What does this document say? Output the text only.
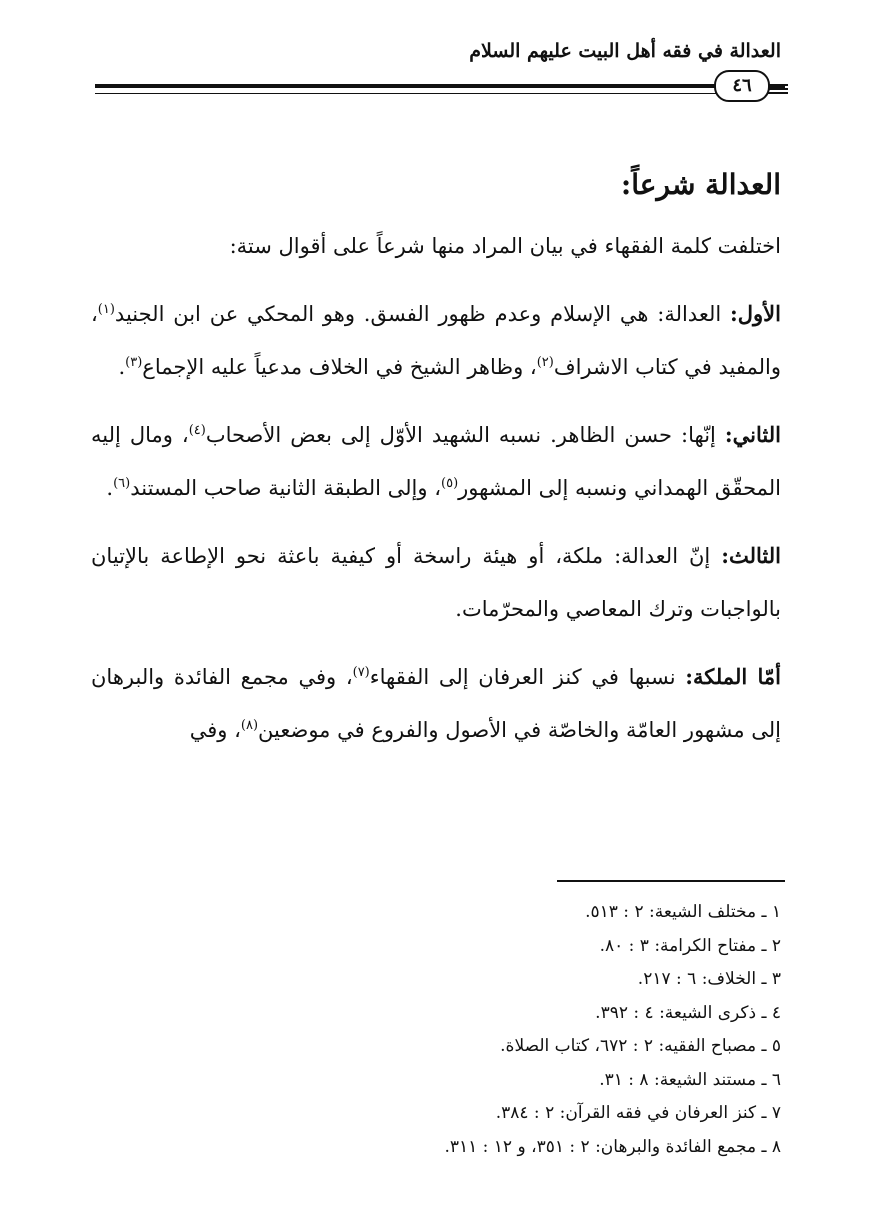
العدالة في فقه أهل البيت عليهم السلام
٤٦
العدالة شرعاً:

اختلفت كلمة الفقهاء في بيان المراد منها شرعاً على أقوال ستة:

الأول: العدالة: هي الإسلام وعدم ظهور الفسق. وهو المحكي عن ابن الجنيد$^{(١)}$، والمفيد في كتاب الاشراف$^{(٢)}$، وظاهر الشيخ في الخلاف مدعياً عليه الإجماع$^{(٣)}$.

الثاني: إنّها: حسن الظاهر. نسبه الشهيد الأوّل إلى بعض الأصحاب$^{(٤)}$، ومال إليه المحقّق الهمداني ونسبه إلى المشهور$^{(٥)}$، وإلى الطبقة الثانية صاحب المستند$^{(٦)}$.

الثالث: إنّ العدالة: ملكة، أو هيئة راسخة أو كيفية باعثة نحو الإطاعة بالإتيان بالواجبات وترك المعاصي والمحرّمات.

أمّا الملكة: نسبها في كنز العرفان إلى الفقهاء$^{(٧)}$، وفي مجمع الفائدة والبرهان إلى مشهور العامّة والخاصّة في الأصول والفروع في موضعين$^{(٨)}$، وفي

١ ـ مختلف الشيعة: ٢ : ٥١٣.
٢ ـ مفتاح الكرامة: ٣ : ٨٠.
٣ ـ الخلاف: ٦ : ٢١٧.
٤ ـ ذكرى الشيعة: ٤ : ٣٩٢.
٥ ـ مصباح الفقيه: ٢ : ٦٧٢، كتاب الصلاة.
٦ ـ مستند الشيعة: ٨ : ٣١.
٧ ـ كنز العرفان في فقه القرآن: ٢ : ٣٨٤.
٨ ـ مجمع الفائدة والبرهان: ٢ : ٣٥١، و ١٢ : ٣١١.
